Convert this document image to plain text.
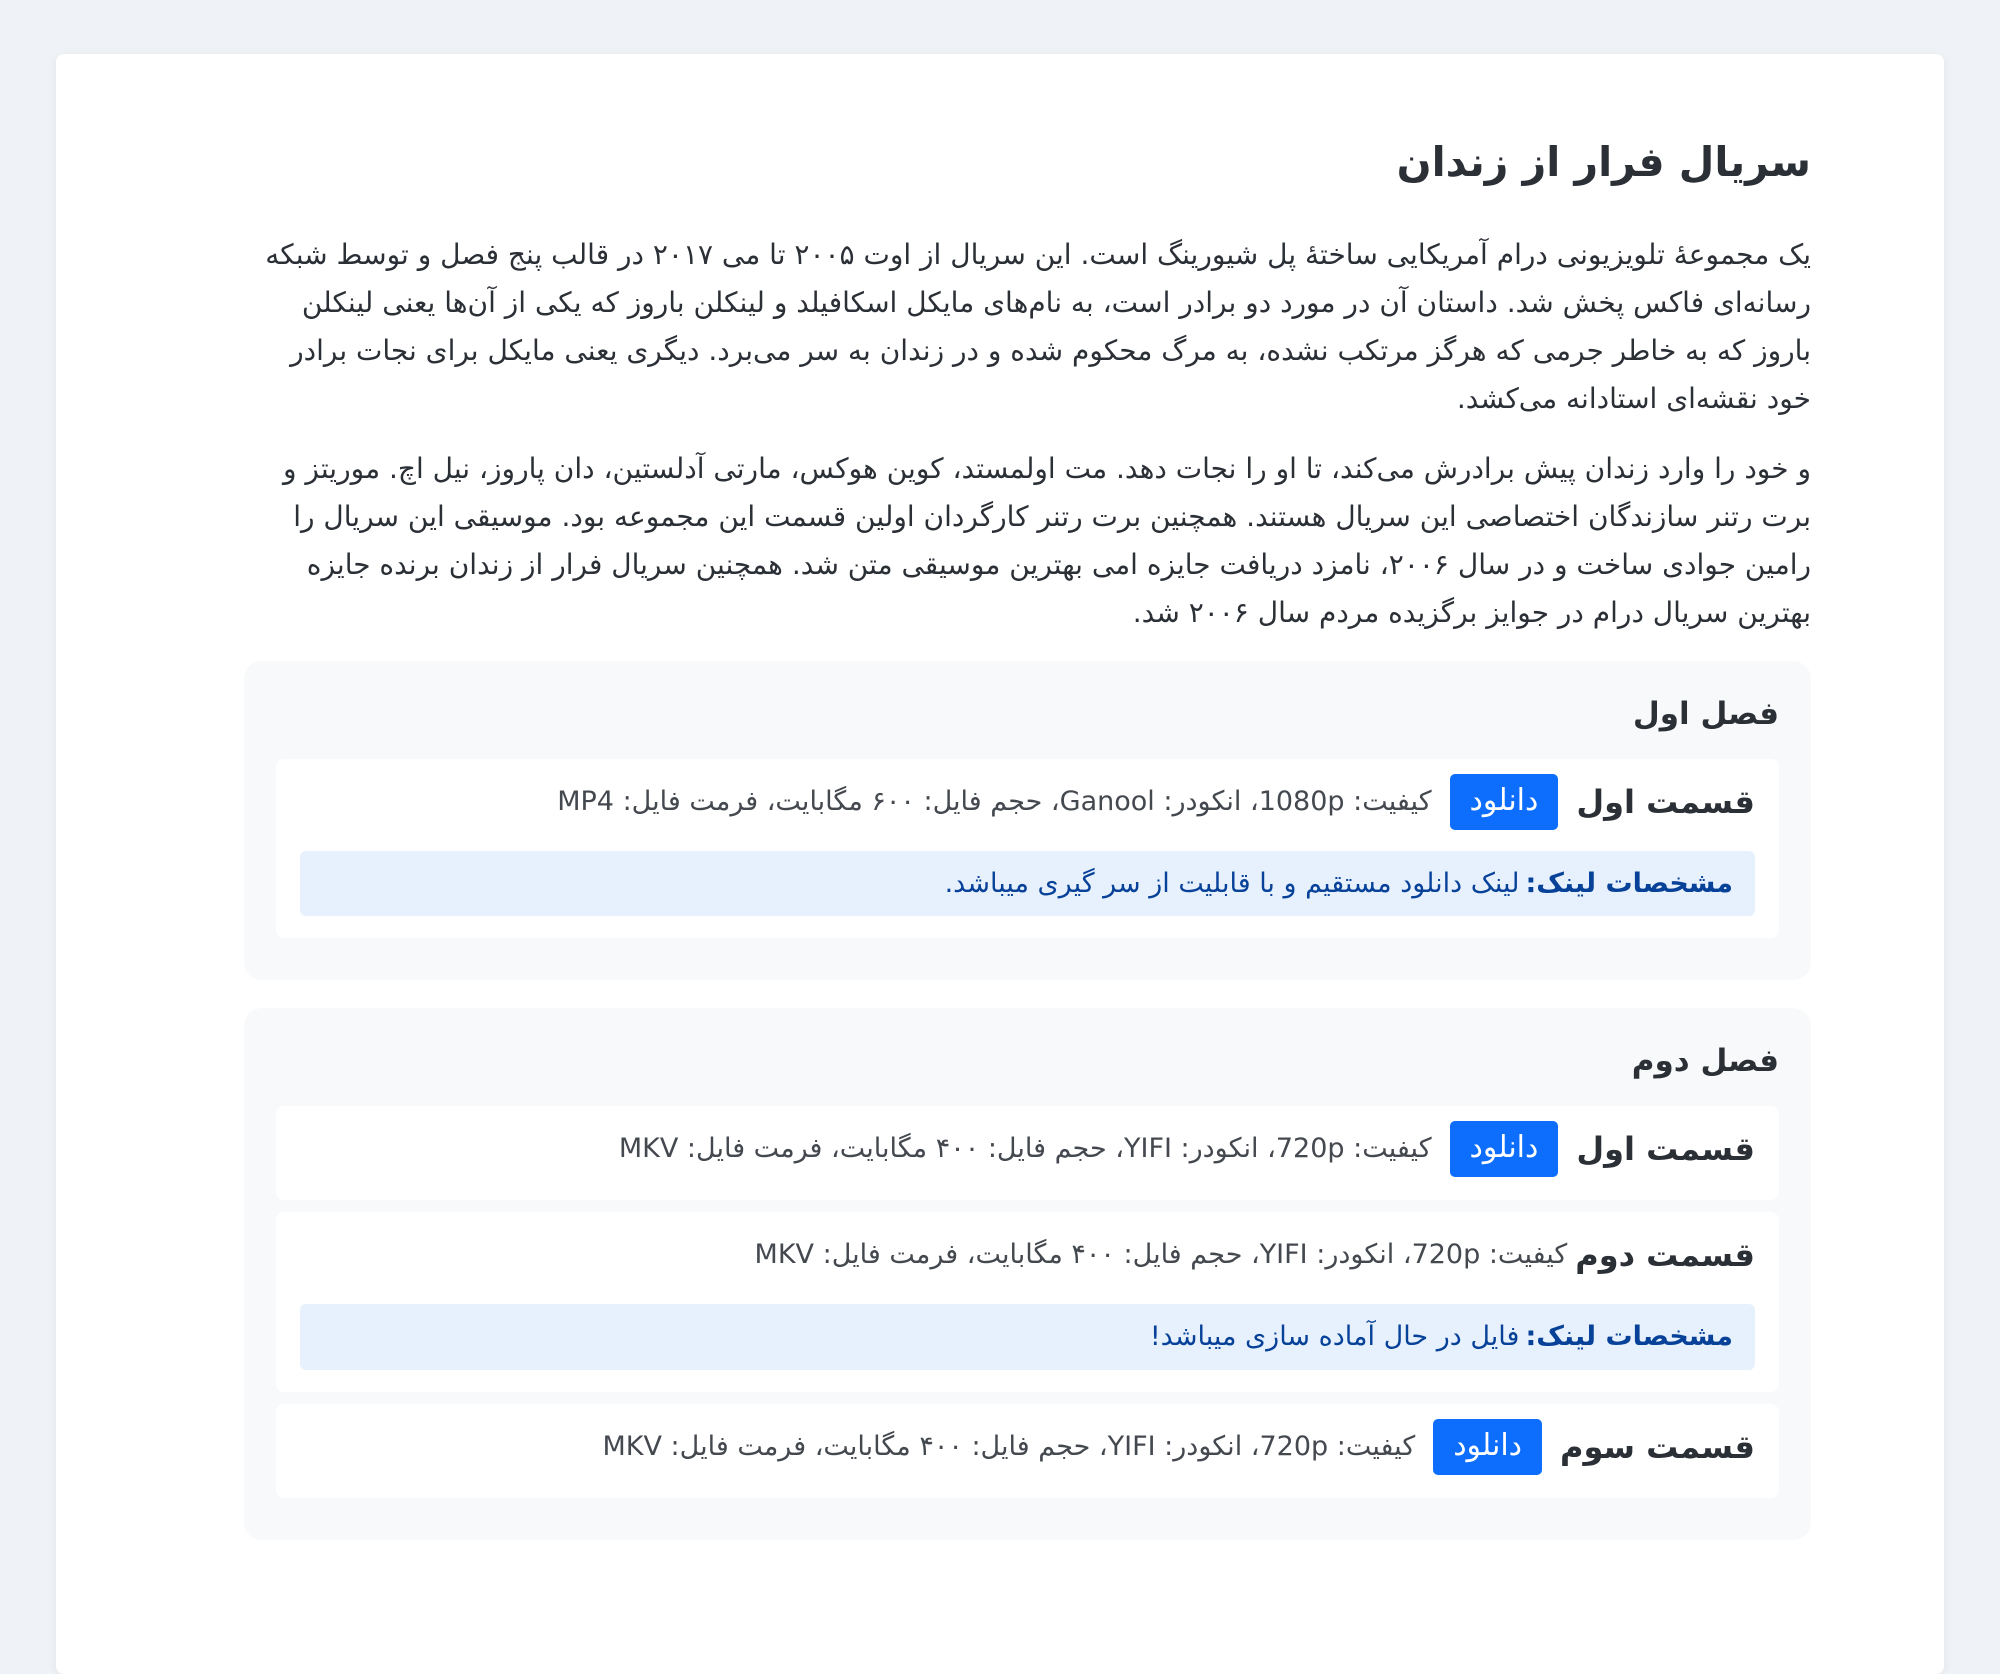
سریال فرار از زندان

یک مجموعهٔ تلویزیونی درام آمریکایی ساختهٔ پل شیورینگ است. این سریال از اوت ۲۰۰۵ تا می ۲۰۱۷ در قالب پنج فصل و توسط شبکه رسانه‌ای فاکس پخش شد. داستان آن در مورد دو برادر است، به نام‌های مایکل اسکافیلد و لینکلن باروز که یکی از آن‌ها یعنی لینکلن باروز که به خاطر جرمی که هرگز مرتکب نشده، به مرگ محکوم شده و در زندان به سر می‌برد. دیگری یعنی مایکل برای نجات برادر خود نقشه‌ای استادانه می‌کشد.

و خود را وارد زندان پیش برادرش می‌کند، تا او را نجات دهد. مت اولمستد، کوین هوکس، مارتی آدلستین، دان پاروز، نیل اچ. موریتز و برت رتنر سازندگان اختصاصی این سریال هستند. همچنین برت رتنر کارگردان اولین قسمت این مجموعه بود. موسیقی این سریال را رامین جوادی ساخت و در سال ۲۰۰۶، نامزد دریافت جایزه امی بهترین موسیقی متن شد. همچنین سریال فرار از زندان برنده جایزه بهترین سریال درام در جوایز برگزیده مردم سال ۲۰۰۶ شد.

فصل اول
قسمت اول
دانلود
کیفیت: 1080p، انکودر: Ganool، حجم فایل: ۶۰۰ مگابایت، فرمت فایل: MP4
مشخصات لینک:لینک دانلود مستقیم و با قابلیت از سر گیری میباشد.
فصل دوم
قسمت اول
دانلود
کیفیت: 720p، انکودر: YIFI، حجم فایل: ۴۰۰ مگابایت، فرمت فایل: MKV
قسمت دوم
کیفیت: 720p، انکودر: YIFI، حجم فایل: ۴۰۰ مگابایت، فرمت فایل: MKV
مشخصات لینک:فایل در حال آماده سازی میباشد!
قسمت سوم
دانلود
کیفیت: 720p، انکودر: YIFI، حجم فایل: ۴۰۰ مگابایت، فرمت فایل: MKV
